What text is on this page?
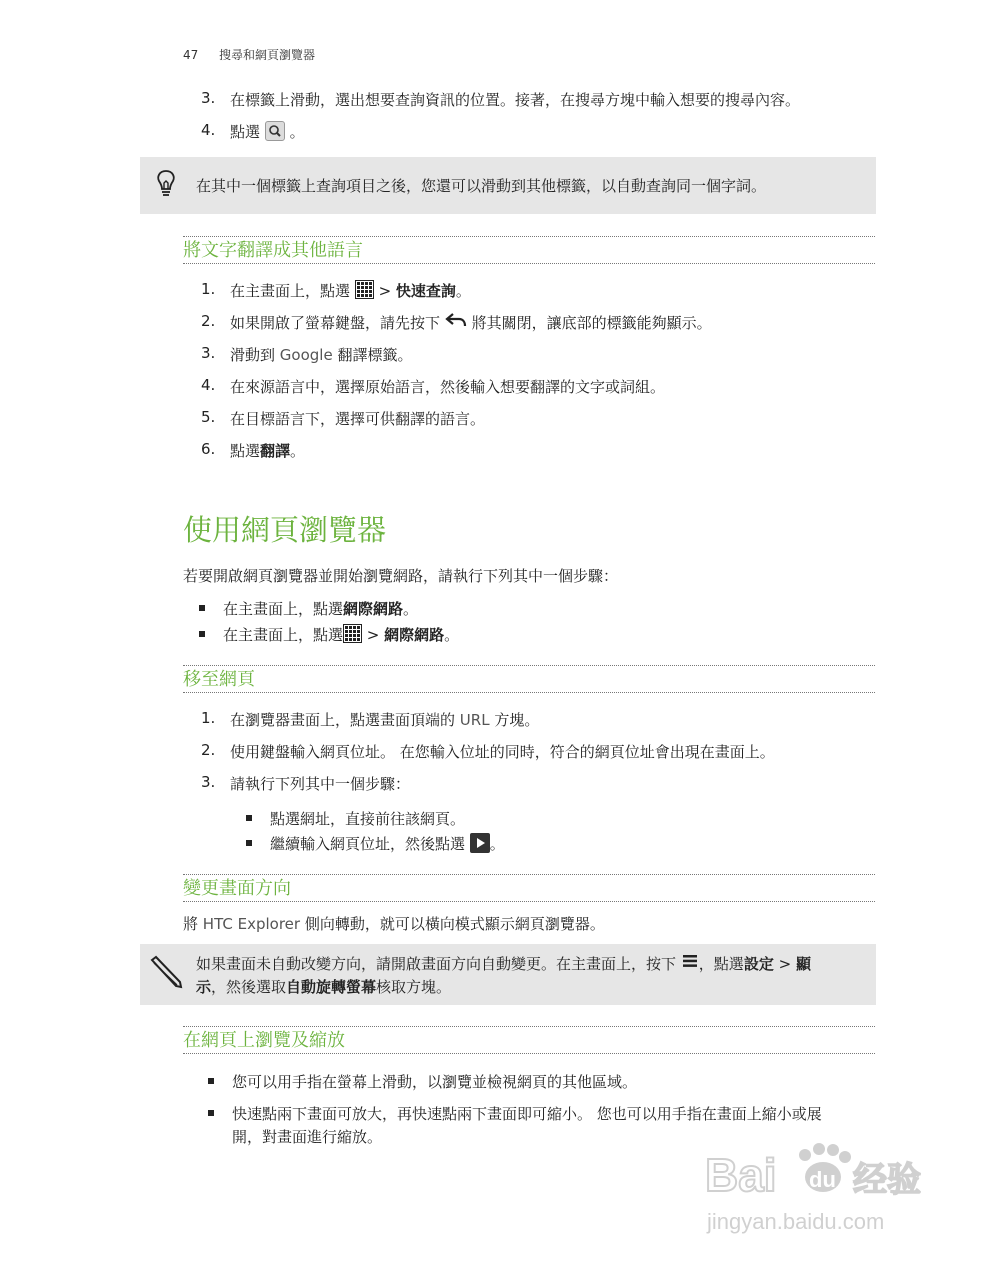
47 搜尋和網頁瀏覽器
3. 在標籤上滑動，選出想要查詢資訊的位置。接著，在搜尋方塊中輸入想要的搜尋內容。
4. 點選 。
在其中一個標籤上查詢項目之後，您還可以滑動到其他標籤，以自動查詢同一個字詞。
將文字翻譯成其他語言
1. 在主畫面上，點選  > 快速查詢。
2. 如果開啟了螢幕鍵盤，請先按下 將其關閉，讓底部的標籤能夠顯示。
3. 滑動到 Google 翻譯標籤。
4. 在來源語言中，選擇原始語言，然後輸入想要翻譯的文字或詞組。
5. 在目標語言下，選擇可供翻譯的語言。
6. 點選翻譯。
使用網頁瀏覽器
若要開啟網頁瀏覽器並開始瀏覽網路，請執行下列其中一個步驟：
在主畫面上，點選網際網路。
在主畫面上，點選 > 網際網路。
移至網頁
1. 在瀏覽器畫面上，點選畫面頂端的 URL 方塊。
2. 使用鍵盤輸入網頁位址。 在您輸入位址的同時，符合的網頁位址會出現在畫面上。
3. 請執行下列其中一個步驟：
點選網址，直接前往該網頁。
繼續輸入網頁位址，然後點選 。
變更畫面方向
將 HTC Explorer 側向轉動，就可以橫向模式顯示網頁瀏覽器。
如果畫面未自動改變方向，請開啟畫面方向自動變更。在主畫面上，按下 ，點選設定 > 顯
示，然後選取自動旋轉螢幕核取方塊。
在網頁上瀏覽及縮放
您可以用手指在螢幕上滑動，以瀏覽並檢視網頁的其他區域。
快速點兩下畫面可放大，再快速點兩下畫面即可縮小。 您也可以用手指在畫面上縮小或展
開，對畫面進行縮放。
Bai du 经验
jingyan.baidu.com
